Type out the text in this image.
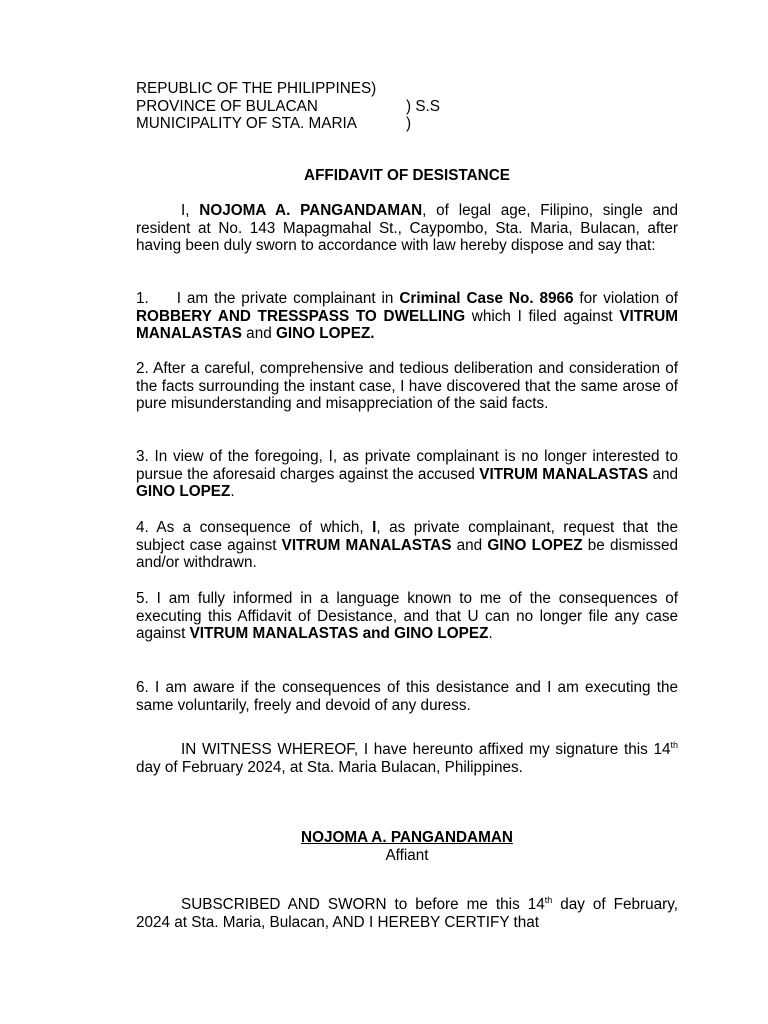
REPUBLIC OF THE PHILIPPINES)
PROVINCE OF BULACAN	) S.S
MUNICIPALITY OF STA. MARIA	)
AFFIDAVIT OF DESISTANCE
I, NOJOMA A. PANGANDAMAN, of legal age, Filipino, single and resident at No. 143 Mapagmahal St., Caypombo, Sta. Maria, Bulacan, after having been duly sworn to accordance with law hereby dispose and say that:
1. I am the private complainant in Criminal Case No. 8966 for violation of ROBBERY AND TRESSPASS TO DWELLING which I filed against VITRUM MANALASTAS and GINO LOPEZ.
2. After a careful, comprehensive and tedious deliberation and consideration of the facts surrounding the instant case, I have discovered that the same arose of pure misunderstanding and misappreciation of the said facts.
3. In view of the foregoing, I, as private complainant is no longer interested to pursue the aforesaid charges against the accused VITRUM MANALASTAS and GINO LOPEZ.
4. As a consequence of which, I, as private complainant, request that the subject case against VITRUM MANALASTAS and GINO LOPEZ be dismissed and/or withdrawn.
5. I am fully informed in a language known to me of the consequences of executing this Affidavit of Desistance, and that U can no longer file any case against VITRUM MANALASTAS and GINO LOPEZ.
6. I am aware if the consequences of this desistance and I am executing the same voluntarily, freely and devoid of any duress.
IN WITNESS WHEREOF, I have hereunto affixed my signature this 14th day of February 2024, at Sta. Maria Bulacan, Philippines.
NOJOMA A. PANGANDAMAN
Affiant
SUBSCRIBED AND SWORN to before me this 14th day of February, 2024 at Sta. Maria, Bulacan, AND I HEREBY CERTIFY that
